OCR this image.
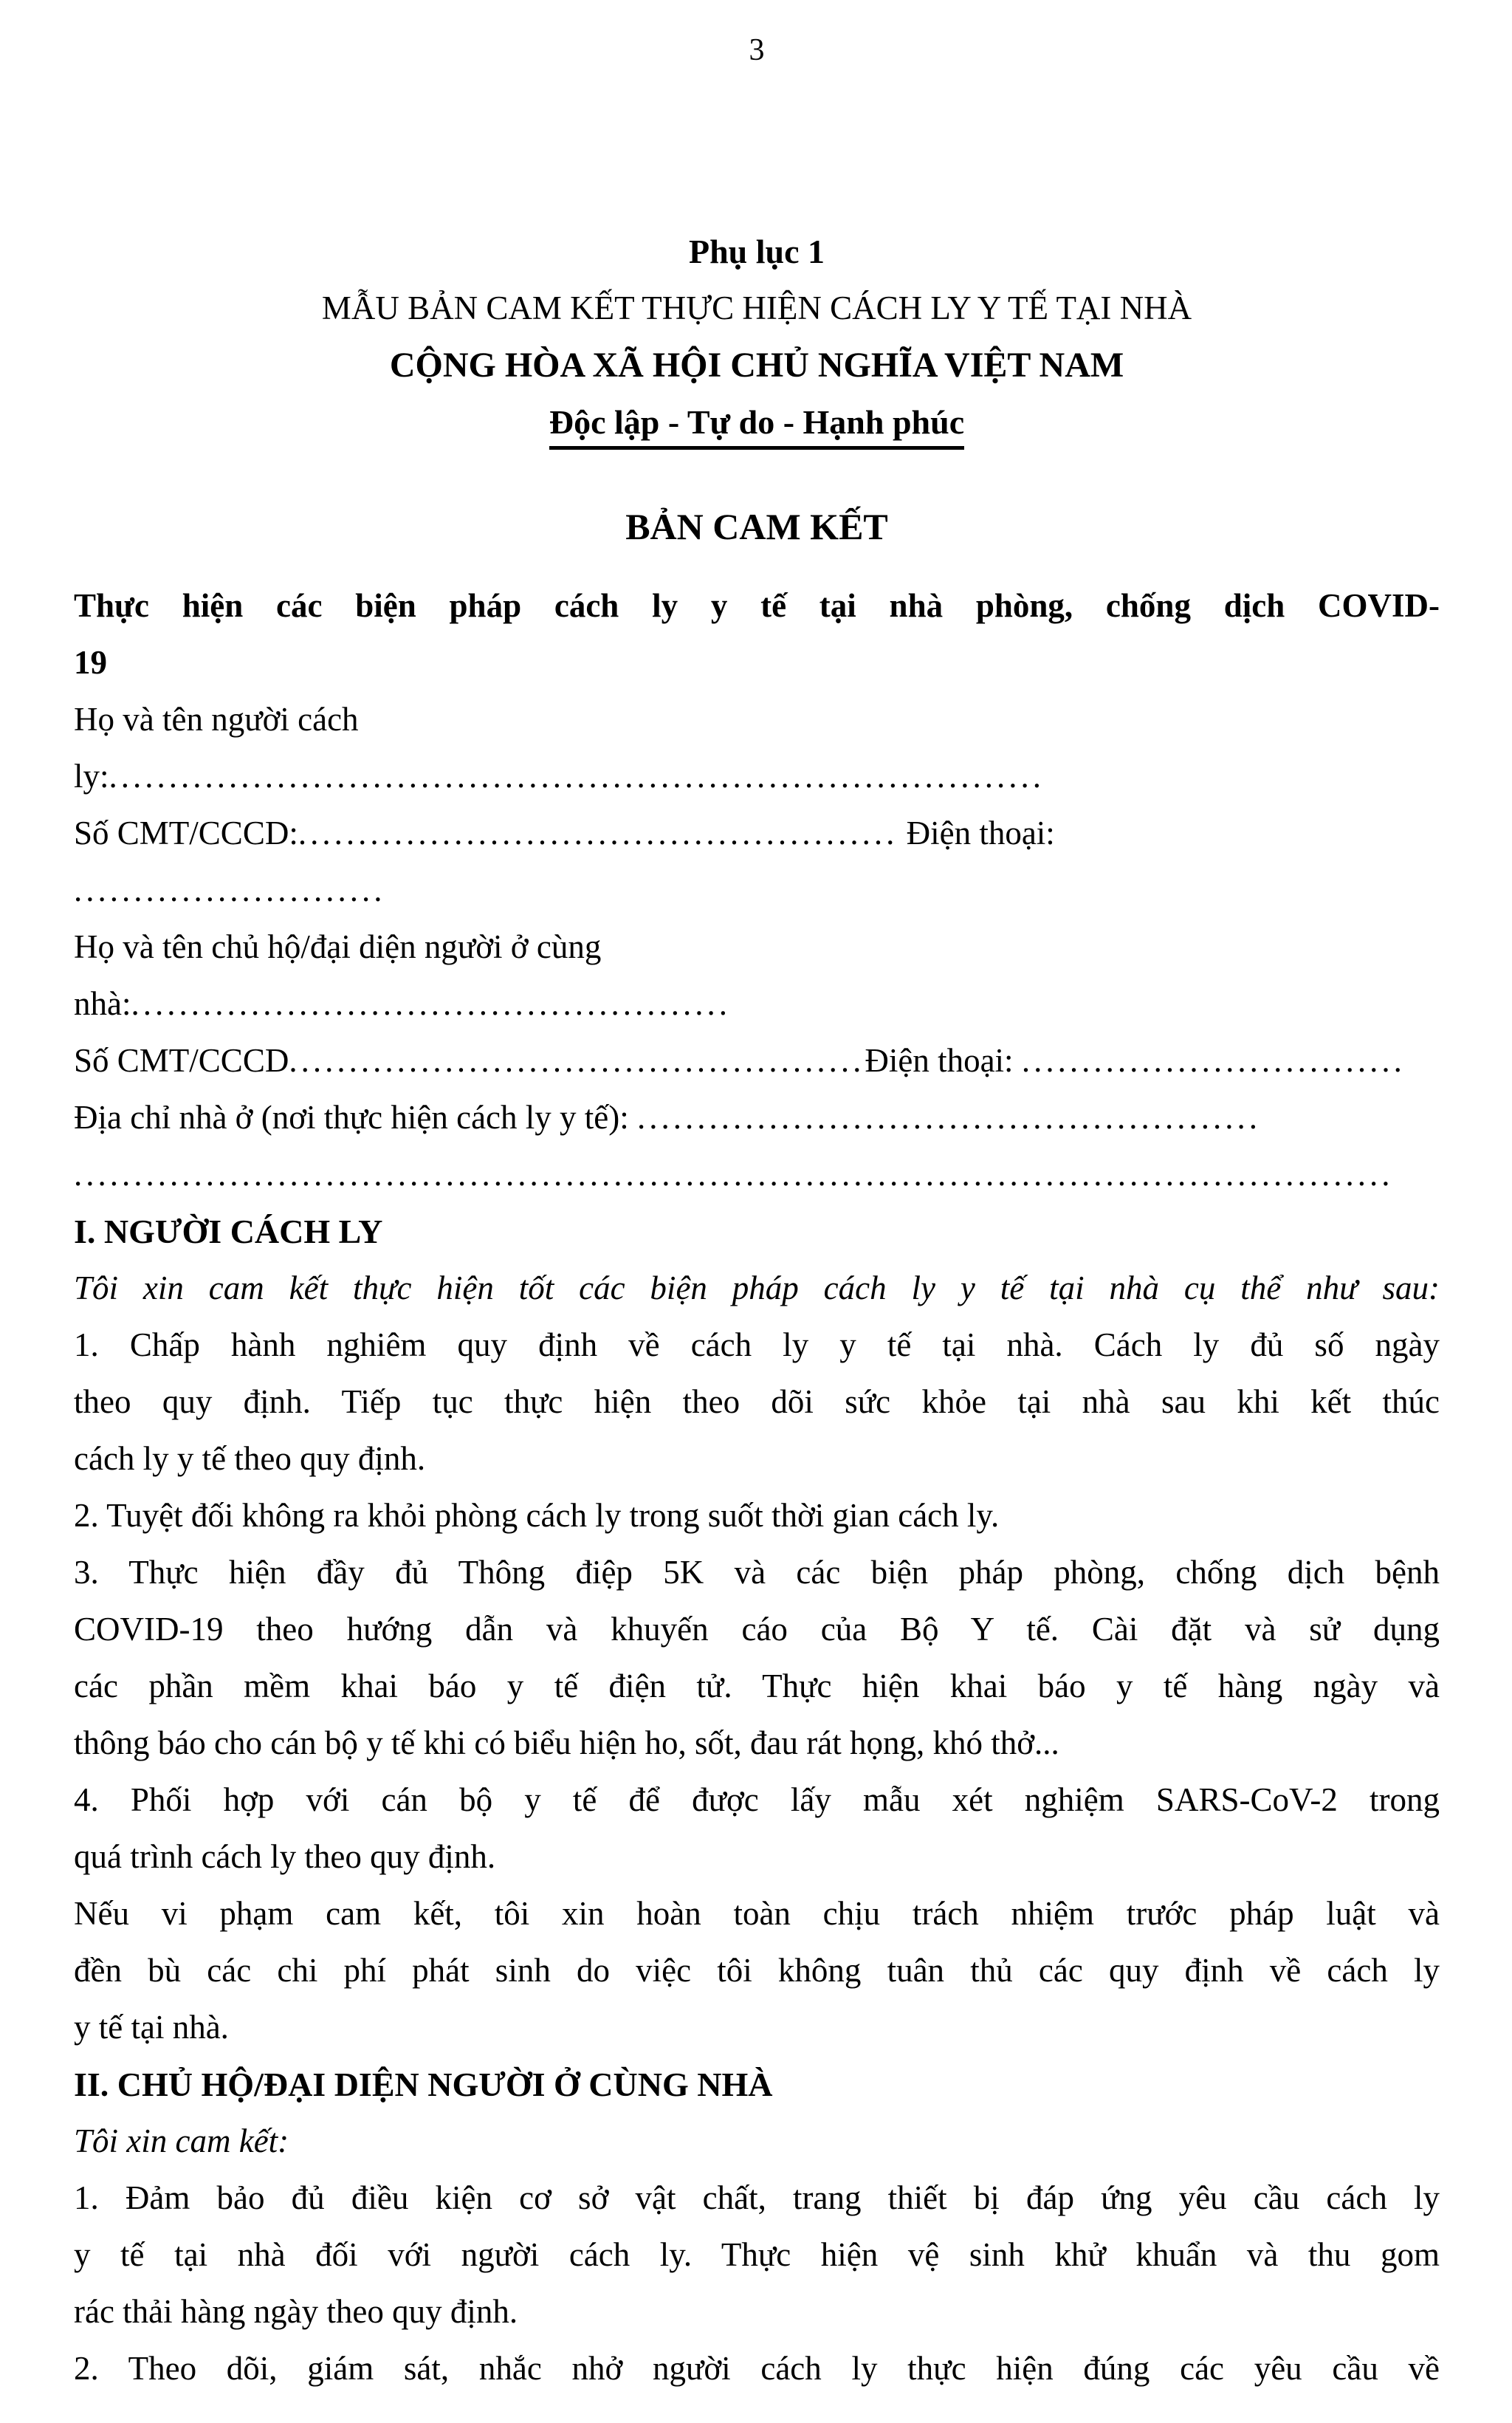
3

Phụ lục 1

MẪU BẢN CAM KẾT THỰC HIỆN CÁCH LY Y TẾ TẠI NHÀ

CỘNG HÒA XÃ HỘI CHỦ NGHĨA VIỆT NAM

Độc lập - Tự do - Hạnh phúc

BẢN CAM KẾT

Thực hiện các biện pháp cách ly y tế tại nhà phòng, chống dịch COVID-

19

Họ và tên người cách

ly:..............................................................................

Số CMT/CCCD:.................................................. Điện thoại:

..........................

Họ và tên chủ hộ/đại diện người ở cùng

nhà:..................................................

Số CMT/CCCD................................................Điện thoại: ................................

Địa chỉ nhà ở (nơi thực hiện cách ly y tế): ....................................................

..............................................................................................................

I. NGƯỜI CÁCH LY

Tôi xin cam kết thực hiện tốt các biện pháp cách ly y tế tại nhà cụ thể như sau:

1. Chấp hành nghiêm quy định về cách ly y tế tại nhà. Cách ly đủ số ngày

theo quy định. Tiếp tục thực hiện theo dõi sức khỏe tại nhà sau khi kết thúc

cách ly y tế theo quy định.

2. Tuyệt đối không ra khỏi phòng cách ly trong suốt thời gian cách ly.

3. Thực hiện đầy đủ Thông điệp 5K và các biện pháp phòng, chống dịch bệnh

COVID-19 theo hướng dẫn và khuyến cáo của Bộ Y tế. Cài đặt và sử dụng

các phần mềm khai báo y tế điện tử. Thực hiện khai báo y tế hàng ngày và

thông báo cho cán bộ y tế khi có biểu hiện ho, sốt, đau rát họng, khó thở...

4. Phối hợp với cán bộ y tế để được lấy mẫu xét nghiệm SARS-CoV-2 trong

quá trình cách ly theo quy định.

Nếu vi phạm cam kết, tôi xin hoàn toàn chịu trách nhiệm trước pháp luật và

đền bù các chi phí phát sinh do việc tôi không tuân thủ các quy định về cách ly

y tế tại nhà.

II. CHỦ HỘ/ĐẠI DIỆN NGƯỜI Ở CÙNG NHÀ

Tôi xin cam kết:

1. Đảm bảo đủ điều kiện cơ sở vật chất, trang thiết bị đáp ứng yêu cầu cách ly

y tế tại nhà đối với người cách ly. Thực hiện vệ sinh khử khuẩn và thu gom

rác thải hàng ngày theo quy định.

2. Theo dõi, giám sát, nhắc nhở người cách ly thực hiện đúng các yêu cầu về
